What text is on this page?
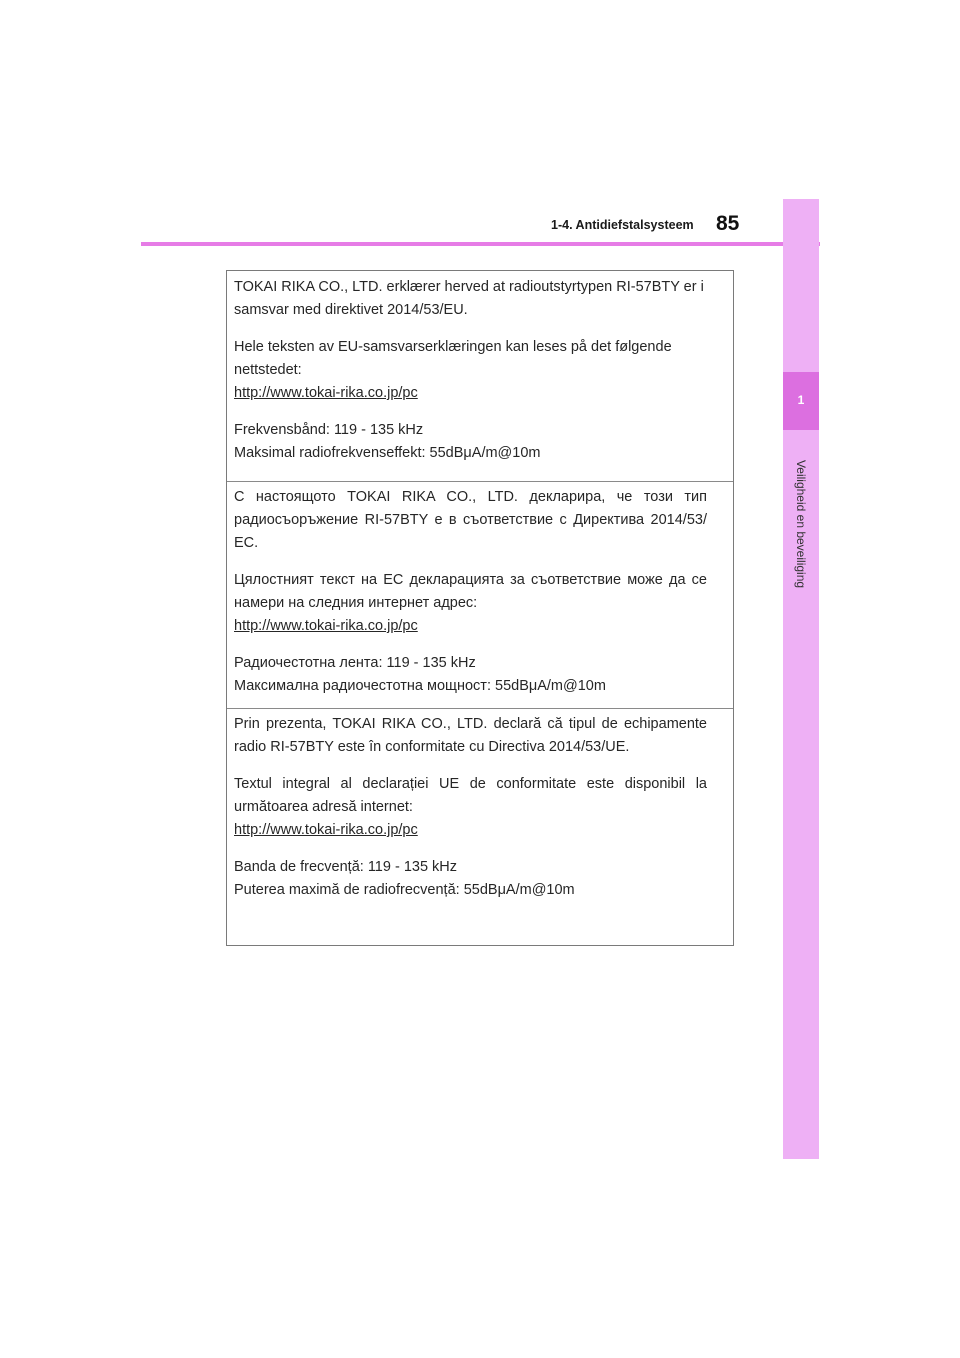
1-4. Antidiefstalsysteem 85
1
Veiligheid en beveiliging

TOKAI RIKA CO., LTD. erklærer herved at radioutstyrtypen RI-57BTY er i samsvar med direktivet 2014/53/EU.

Hele teksten av EU-samsvarserklæringen kan leses på det følgende nettstedet:

http://www.tokai-rika.co.jp/pc

Frekvensbånd: 119 - 135 kHz

Maksimal radiofrekvenseffekt: 55dBμA/m@10m

С настоящото TOKAI RIKA CO., LTD. декларира, че този тип радиосъоръжение RI-57BTY е в съответствие с Директива 2014/53/ЕС.

Цялостният текст на ЕС декларацията за съответствие може да се намери на следния интернет адрес:

http://www.tokai-rika.co.jp/pc

Радиочестотна лента: 119 - 135 kHz

Максимална радиочестотна мощност: 55dBμA/m@10m

Prin prezenta, TOKAI RIKA CO., LTD. declară că tipul de echipamente radio RI-57BTY este în conformitate cu Directiva 2014/53/UE.

Textul integral al declarației UE de conformitate este disponibil la următoarea adresă internet:

http://www.tokai-rika.co.jp/pc

Banda de frecvență: 119 - 135 kHz

Puterea maximă de radiofrecvență: 55dBμA/m@10m
